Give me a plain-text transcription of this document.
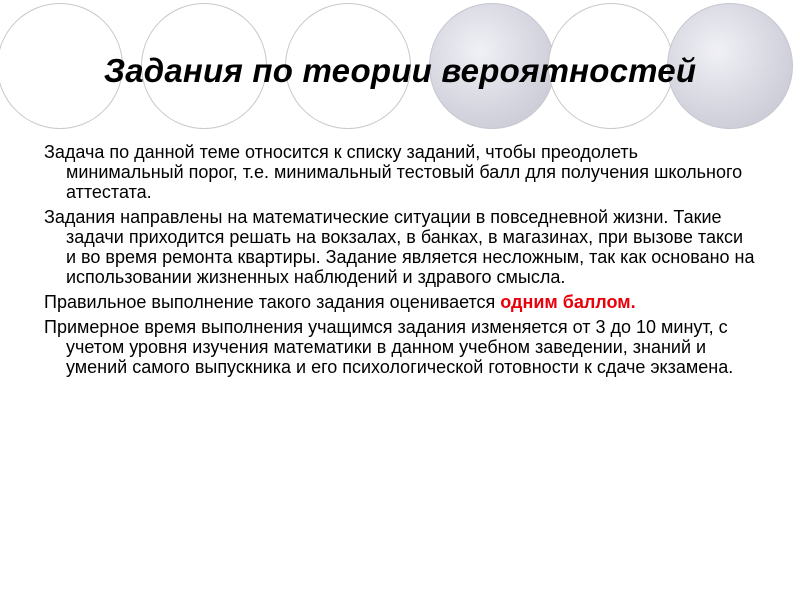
Задания по теории вероятностей

Задача по данной теме относится к списку заданий, чтобы преодолеть минимальный порог, т.е. минимальный тестовый балл для получения школьного аттестата.

Задания направлены на математические ситуации в повседневной жизни. Такие задачи приходится решать на вокзалах, в банках, в магазинах, при вызове такси и во время ремонта квартиры. Задание является несложным, так как основано на использовании жизненных наблюдений и здравого смысла.

Правильное выполнение такого задания оценивается одним баллом.

Примерное время выполнения учащимся задания изменяется от 3 до 10 минут, с учетом уровня изучения математики в данном учебном заведении, знаний и умений самого выпускника и его психологической готовности к сдаче экзамена.
